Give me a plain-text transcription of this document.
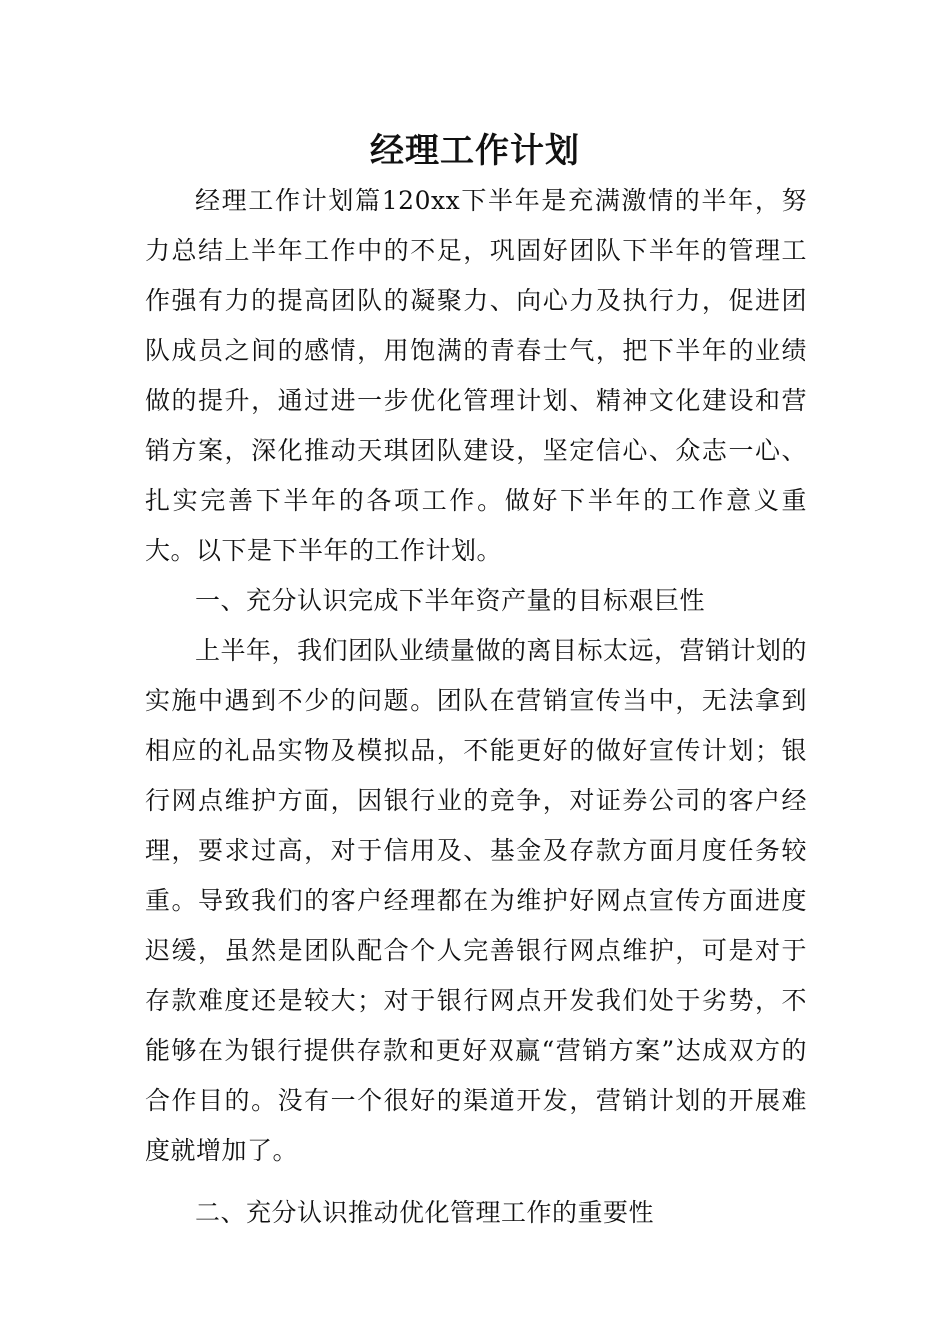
经理工作计划

经理工作计划篇120xx下半年是充满激情的半年，努力总结上半年工作中的不足，巩固好团队下半年的管理工作强有力的提高团队的凝聚力、向心力及执行力，促进团队成员之间的感情，用饱满的青春士气，把下半年的业绩做的提升，通过进一步优化管理计划、精神文化建设和营销方案，深化推动天琪团队建设，坚定信心、众志一心、扎实完善下半年的各项工作。做好下半年的工作意义重大。以下是下半年的工作计划。

一、充分认识完成下半年资产量的目标艰巨性

上半年，我们团队业绩量做的离目标太远，营销计划的实施中遇到不少的问题。团队在营销宣传当中，无法拿到相应的礼品实物及模拟品，不能更好的做好宣传计划；银行网点维护方面，因银行业的竞争，对证券公司的客户经理，要求过高，对于信用及、基金及存款方面月度任务较重。导致我们的客户经理都在为维护好网点宣传方面进度迟缓，虽然是团队配合个人完善银行网点维护，可是对于存款难度还是较大；对于银行网点开发我们处于劣势，不能够在为银行提供存款和更好双赢“营销方案”达成双方的合作目的。没有一个很好的渠道开发，营销计划的开展难度就增加了。

二、充分认识推动优化管理工作的重要性
